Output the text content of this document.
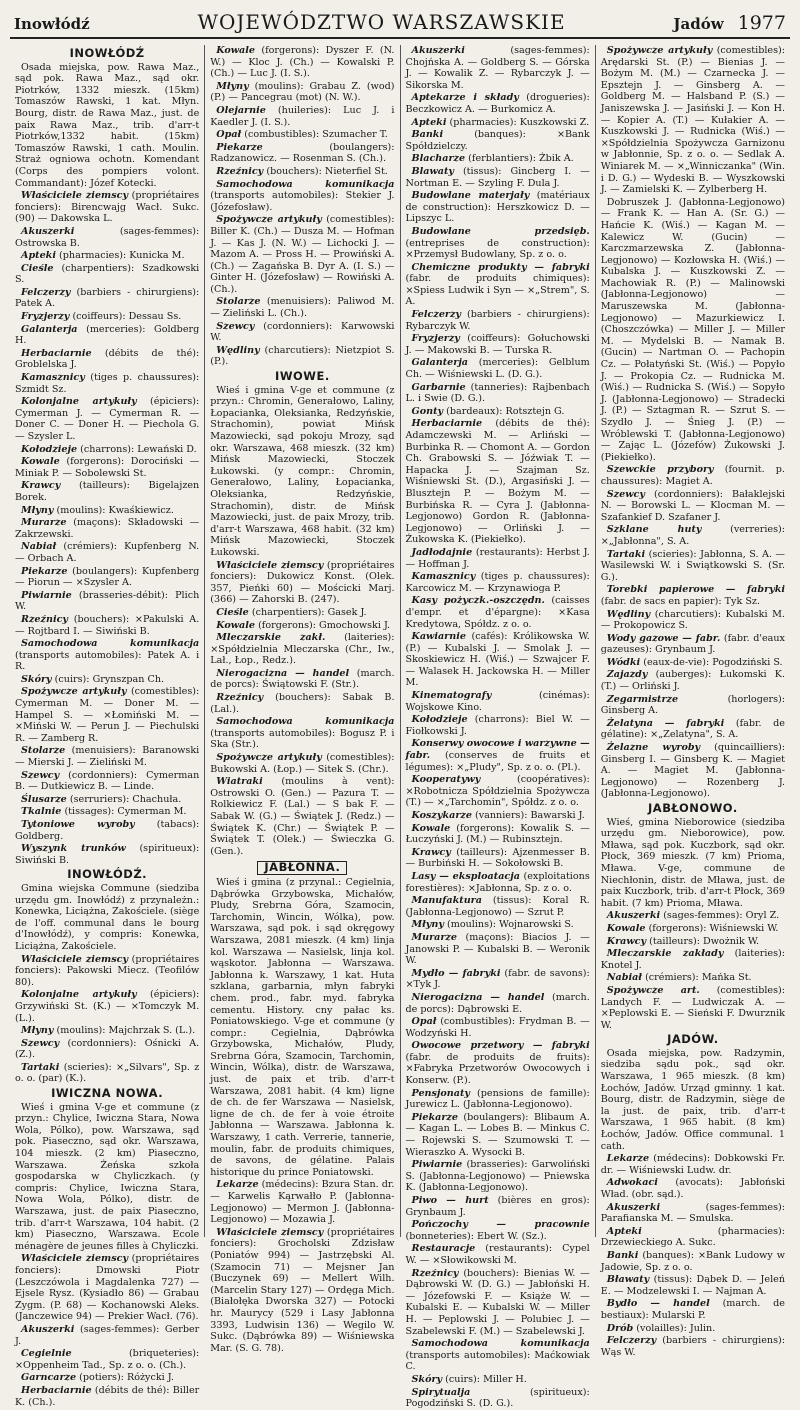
Inowłódź	WOJEWÓDZTWO WARSZAWSKIE	Jadów 1977
INOWŁÓDŹ

Osada miejska, pow. Rawa Maz., sąd pok. Rawa Maz., sąd okr. Piotrków, 1332 mieszk. (15km) Tomaszów Rawski, 1 kat. Młyn. Bourg, distr. de Rawa Maz., just. de paix Rawa Maz., trib. d'arr-t Piotrków,1332 habit. (15km) Tomaszów Rawski, 1 cath. Moulin. Straż ogniowa ochotn. Komendant (Corps des pompiers volont. Commandant): Józef Kotecki.

Właściciele ziemscy (propriétaires fonciers): Birencwajg Wacł. Sukc. (90) — Dakowska L.

Akuszerki	(sages-femmes): Ostrowska B.

Apteki (pharmacies): Kunicka M.

Cieśle (charpentiers): Szadkowski S.

Felczerzy (barbiers - chirurgiens): Patek A.

Fryzjerzy (coiffeurs): Dessau Ss.

Galanterja (merceries): Goldberg H.

Herbaciarnie (débits de thé): Groblelska J.

Kamasznicy (tiges p. chaussures): Szmidt Sz.

Kolonjalne artykuły (épiciers): Cymerman J. — Cymerman R. — Doner C. — Doner H. — Piechola G. — Szysler L.

Kołodzieje (charrons): Lewański D.

Kowale (forgerons): Dorociński — Miniak P. — Sobolewski St.

Krawcy (tailleurs): Bigelajzen Borek.

Młyny (moulins): Kwaśkiewicz.

Murarze (maçons): Składowski — Zakrzewski.

Nabiał (crémiers): Kupfenberg N. — Orbach A.

Piekarze (boulangers): Kupfenberg — Piorun — ×Szysler A.

Piwiarnie (brasseries-débit): Plich W.

Rzeźnicy (bouchers): ×Pakulski A. — Rojtbard I. — Siwiński B.

Samochodowa komunikacja (transports automobiles): Patek A. i R.

Skóry (cuirs): Grynszpan Ch.

Spożywcze artykuły (comestibles): Cymerman M. — Doner M. — Hampel S. — ×Łomiński M. — ×Miński W. — Perun J. — Piechulski R. — Zamberg R.

Stolarze (menuisiers): Baranowski — Mierski J. — Zieliński M.

Szewcy (cordonniers): Cymerman B. — Dutkiewicz B. — Linde.

Ślusarze (serruriers): Chachuła.

Tkalnie (tissages): Cymerman M.

Tytoniowe wyroby (tabacs): Goldberg.

Wyszynk trunków (spiritueux): Siwiński B.

INOWŁÓDŹ.

Gmina wiejska Commune (siedziba urzędu gm. Inowłódź) z przynależn.: Konewka, Liciążna, Zakościele. (siège de l'off. communal dans le bourg d'Inowłódź), y compris: Konewka, Liciążna, Zakościele.

Właściciele ziemscy (propriétaires fonciers): Pakowski Miecz. (Teofilów 80).

Kolonjalne artykuły (épiciers): Grzywiński St. (K.) — ×Tomczyk M. (L.).

Młyny (moulins): Majchrzak S. (L.).

Szewcy (cordonniers): Ośnicki A. (Z.).

Tartaki (scieries): ×„Silvars", Sp. z o. o. (par) (K.).

IWICZNA NOWA.

Wieś i gmina V-ge et commune (z przyn.: Chylice, Iwiczna Stara, Nowa Wola, Pólko), pow. Warszawa, sąd pok. Piaseczno, sąd okr. Warszawa, 104 mieszk. (2 km) Piaseczno, Warszawa. Żeńska szkoła gospodarska w Chyliczkach. (y compris: Chylice, Iwiczna Stara, Nowa Wola, Pólko), distr. de Warszawa, just. de paix Piaseczno, trib. d'arr-t Warszawa, 104 habit. (2 km) Piaseczno, Warszawa. Ecole ménagère de jeunes filles à Chyliczki.

Właściciele ziemscy (propriétaires fonciers): Dmowski Piotr (Leszczówola i Magdalenka 727) — Ejsele Rysz. (Kysiadło 86) — Grabau Zygm. (P. 68) — Kochanowski Aleks. (Janczewice 94) — Prekier Wacł. (76).

Akuszerki (sages-femmes): Gerber J.

Cegielnie	(briqueteries): ×Oppenheim Tad., Sp. z o. o. (Ch.).

Garncarze (potiers): Różycki J.

Herbaciarnie (débits de thé): Biller K. (Ch.).

Kowale (forgerons): Dyszer F. (N. W.) — Kloc J. (Ch.) — Kowalski P. (Ch.) — Luc J. (I. S.).

Młyny (moulins): Grabau Z. (wod) (P.) — Pancegrau (mot) (N. W.).

Olejarnie (huileries): Luc J. i Kaedler J. (I. S.).

Opał (combustibles): Szumacher T.

Piekarze	(boulangers): Radzanowicz. — Rosenman S. (Ch.).

Rzeźnicy (bouchers): Nieterfiel St.

Samochodowa komunikacja (transports automobiles): Stekier J. (Józefosław).

Spożywcze artykuły (comestibles): Biller K. (Ch.) — Dusza M. — Hofman J. — Kas J. (N. W.) — Lichocki J. — Mazom A. — Pross H. — Prowiński A. (Ch.) — Zagańska B. Dyr A. (I. S.) — Ginter H. (Józefosław) — Rowiński A. (Ch.).

Stolarze (menuisiers): Paliwod M. — Zieliński L. (Ch.).

Szewcy (cordonniers): Karwowski W.

Wędliny (charcutiers): Nietzpiot S. (P.).

IWOWE.

Wieś i gmina V-ge et commune (z przyn.: Chromin, Generałowo, Laliny, Łopacianka, Oleksianka, Redzyńskie, Strachomin), powiat Mińsk Mazowiecki, sąd pokoju Mrozy, sąd okr. Warszawa, 468 mieszk. (32 km) Mińsk Mazowiecki, Stoczek Łukowski. (y compr.: Chromin, Generałowo, Laliny, Łopacianka, Oleksianka, Redzyńskie, Strachomin), distr. de Mińsk Mazowiecki, just. de paix Mrozy, trib. d'arr-t Warszawa, 468 habit. (32 km) Mińsk Mazowiecki, Stoczek Łukowski.

Właściciele ziemscy (propriétaires fonciers): Dukowicz Konst. (Olek. 357, Pieńki 60) — Mościcki Marj. (366) — Zahorski B. (247).

Cieśle (charpentiers): Gasek J.

Kowale (forgerons): Gmochowski J.

Mleczarskie zakł. (laiteries): ×Spółdzielnia Mleczarska (Chr., Iw., Lał., Łop., Redz.).

Nierogacizna — handel (march. de porcs): Świątowski F. (Str.).

Rzeźnicy (bouchers): Sabak B. (Lal.).

Samochodowa komunikacja (transports automobiles): Bogusz P. i Ska (Str.).

Spożywcze artykuły (comestibles): Bukowski A. (Łop.) — Sitek S. (Chr.).

Wiatraki (moulins à vent): Ostrowski O. (Gen.) — Pazura T. — Rolkiewicz F. (Lal.) — S bak F. — Sabak W. (G.) — Świątek J. (Redz.) — Świątek K. (Chr.) — Świątek P. — Świątek T. (Olek.) — Świeczka G. (Gen.).

JABŁONNA.

Wieś i gmina (z przynal.: Cegielnia, Dąbrówka Grzybowska, Michałów, Pludy, Srebrna Góra, Szamocin, Tarchomin, Wincin, Wólka), pow. Warszawa, sąd pok. i sąd okręgowy Warszawa, 2081 mieszk. (4 km) linja kol. Warszawa — Nasielsk, linja kol. wąskotor. Jabłonna — Warszawa. Jabłonna k. Warszawy, 1 kat. Huta szklana, garbarnia, młyn fabryki chem. prod., fabr. myd. fabryka cementu. History. cny pałac ks. Poniatowskiego. V-ge et commune (y compr.: Cegielnia, Dąbrówka Grzybowska, Michałów, Pludy, Srebrna Góra, Szamocin, Tarchomin, Wincin, Wólka), distr. de Warszawa, just. de paix et trib. d'arr-t Warszawa, 2081 habit. (4 km) ligne de ch. de fer Warszawa — Nasielsk, ligne de ch. de fer à voie étroite Jabłonna — Warszawa. Jabłonna k. Warszawy, 1 cath. Verrerie, tannerie, moulin, fabr. de produits chimiques, de savons, de gélatine. Palais historique du prince Poniatowski.

Lekarze (médecins): Bzura Stan. dr. — Karwelis Kąrwałło P. (Jabłonna-Legjonowo) — Mermon J. (Jabłonna-Legjonowo) — Mozawia J.

Właściciele ziemscy (propriétaires fonciers): Grocholski Zdzisław (Poniatów 994) — Jastrzębski Al. (Szamocin 71) — Mejsner Jan (Buczynek 69) — Mellert Wilh. (Marcelin Stary 127) — Ordęga Mich. (Białołęka Dworska 327) — Potocki hr. Maurycy (529 i Lasy Jabłonna 3393, Ludwisin 136) — Wegilo W. Sukc. (Dąbrówka 89) — Wiśniewska Mar. (S. G. 78).

Akuszerki	(sages-femmes): Chojńska A. — Goldberg S. — Górska J. — Kowalik Z. — Rybarczyk J. — Sikorska M.

Aptekarze i składy (drogueries): Beczkowicz A. — Burkomicz A.

Apteki (pharmacies): Kuszkowski Z.

Banki	(banques): ×Bank Spółdzielczy.

Blacharze (ferblantiers): Żbik A.

Blawaty (tissus): Gincberg I. — Nortman E. — Szyling F. Dula J.

Budowlane materjały (matériaux de construction): Herszkowicz D. — Lipszyc L.

Budowlane przedsięb. (entreprises de construction): ×Przemysł Budowlany, Sp. z o. o.

Chemiczne produkty — fabryki (fabr. de produits chimiques): ×Spiess Ludwik i Syn — ×„Strem", S. A.

Felczerzy (barbiers - chirurgiens): Rybarczyk W.

Fryzjerzy (coiffeurs): Gołuchowski J. — Makowski B. — Turska R.

Galanterja (merceries): Gelblum Ch. — Wiśniewski L. (D. G.).

Garbarnie (tanneries): Rajbenbach L. i Swie (D. G.).

Gonty (bardeaux): Rotsztejn G.

Herbaciarnie (débits de thé): Adamczewski M. — Arliński — Burbinka R. — Chomont A. — Gordon Ch. Grabowski S. — Jóźwiak T. — Hapacka J. — Szajman Sz. Wiśniewski St. (D.), Argasiński J. — Blusztejn P. — Bożym M. — Burbińska R. — Cyra J. (Jabłonna-Legjonowo) Gordon R. (Jabłonna-Legjonowo) — Orliński J. — Żukowska K. (Piekiełko).

Jadłodajnie (restaurants): Herbst J. — Hoffman J.

Kamasznicy (tiges p. chaussures): Karcowicz M. — Krzynawioga P.

Kasy pożyczk.-oszczędn. (caisses d'empr. et d'épargne): ×Kasa Kredytowa, Spółdz. z o. o.

Kawiarnie (cafés): Królikowska W. (P.) — Kubalski J. — Smolak J. — Skoskiewicz H. (Wiś.) — Szwajcer F. — Walasek H. Jackowska H. — Miller M.

Kinematografy	(cinémas): Wojskowe Kino.

Kołodzieje (charrons): Biel W. — Fiołkowski J.

Konserwy owocowe i warzywne — fabr. (conserves de fruits et légumes): ×„Pludy", Sp. z o. o. (Pl.).

Kooperatywy	(coopératives): ×Robotnicza Spółdzielnia Spożywcza (T.) — ×„Tarchomin", Spółdz. z o. o.

Koszykarze (vanniers): Bawarski J.

Kowale (forgerons): Kowalik S. — Łuczyński J. (M.) — Rubinsztejn.

Krawcy (tailleurs): Ajzenmesser B. — Burbiński H. — Sokołowski B.

Lasy — eksploatacja (exploitations forestières): ×Jabłonna, Sp. z o. o.

Manufaktura (tissus): Koral R. (Jabłonna-Legjonowo) — Szrut P.

Młyny (moulins): Wojnarowski S.

Murarze (maçons): Biacios J. — Janowski P. — Kubalski B. — Weronik W.

Mydło — fabryki (fabr. de savons): ×Tyk J.

Nierogacizna — handel (march. de porcs): Dąbrowski E.

Opał (combustibles): Frydman B. — Wodzyński H.

Owocowe przetwory — fabryki (fabr. de produits de fruits): ×Fabryka Przetworów Owocowych i Konserw. (P.).

Pensjonaty (pensions de famille): Jurewicz L. (Jabłonna-Legjonowo).

Piekarze (boulangers): Blibaum A. — Kagan L. — Lobes B. — Minkus C. — Rojewski S. — Szumowski T. — Wieraszko A. Wysocki B.

Piwiarnie (brasseries): Garwoliński S. (Jabłonna-Legjonowo) — Pniewska K. (Jabłonna-Legjonowo).

Piwo — hurt (bières en gros): Grynbaum J.

Pończochy — pracownie (bonneteries): Ebert W. (Sz.).

Restauracje (restaurants): Cypel W. — ×Słowikowski M.

Rzeźnicy (bouchers): Bienias W. — Dąbrowski W. (D. G.) — Jabłoński H. — Józefowski F. — Książe W. — Kubalski E. — Kubalski W. — Miller H. — Peplowski J. — Polubiec J. — Szabelewski F. (M.) — Szabelewski J.

Samochodowa komunikacja (transports automobiles): Maćkowiak C.

Skóry (cuirs): Miller H.

Spirytualja	(spiritueux): Pogodziński S. (D. G.).

Spożywcze artykuły (comestibles): Arędarski St. (P.) — Bienias J. — Bożym M. (M.) — Czarnecka J. — Epsztejn J. — Ginsberg A. — Goldberg M. — Halsband P. (S.) — Janiszewska J. — Jasiński J. — Kon H. — Kopier A. (T.) — Kułakier A. — Kuszkowski J. — Rudnicka (Wiś.) — ×Spółdzielnia Spożywcza Garnizonu w Jabłonnie, Sp. z o. o. — Sedlak A. Winiarek M. — ×„Winniczanka" (Win. i D. G.) — Wydeski B. — Wyszkowski J. — Zamielski K. — Zylberberg H.

Dobruszek J. (Jabłonna-Legjonowo) — Frank K. — Han A. (Sr. G.) — Hańcie K. (Wiś.) — Kagan M. — Kalewicz W. (Gucin) — Karczmarzewska Z. (Jabłonna-Legjonowo) — Kozłowska H. (Wiś.) — Kubalska J. — Kuszkowski Z. — Machowiak R. (P.) — Malinowski (Jabłonna-Legjonowo) — Maruszewska M. (Jabłonna-Legjonowo) — Mazurkiewicz I. (Choszczówka) — Miller J. — Miller M. — Mydelski B. — Namak B. (Gucin) — Nartman O. — Pachopin Cz. — Połatyński St. (Wiś.) — Popyło J. — Prokopia Cz. — Rudnicka M. (Wiś.) — Rudnicka S. (Wiś.) — Sopyło J. (Jabłonna-Legjonowo) — Stradecki J. (P.) — Sztagman R. — Szrut S. — Szydło J. — Śnieg J. (P.) — Wróblewski T. (Jabłonna-Legjonowo) — Zając L. (Józefów) Żukowski J. (Piekiełko).

Szewckie przybory (fournit. p. chaussures): Magiet A.

Szewcy (cordonniers): Bałaklejski N. — Borowski L. — Klocman M. — Szafankief D. Szafaner J.

Szklane huty	(verreries): ×„Jabłonna", S. A.

Tartaki (scieries): Jabłonna, S. A. — Wasilewski W. i Swiątkowski S. (Sr. G.).

Torebki papierowe — fabryki (fabr. de sacs en papier): Tyk Sz.

Wędliny (charcutiers): Kubalski M. — Prokopowicz S.

Wody gazowe — fabr. (fabr. d'eaux gazeuses): Grynbaum J.

Wódki (eaux-de-vie): Pogodziński S.

Zajazdy (auberges): Łukomski K. (T.) — Orliński J.

Zegarmistrze	(horlogers): Ginsberg A.

Żelatyna — fabryki (fabr. de gélatine): ×„Zelatyna", S. A.

Żelazne wyroby (quincailliers): Ginsberg I. — Ginsberg K. — Magiet A. — Magiet M. (Jabłonna-Legjonowo) — Rozenberg J. (Jabłonna-Legjonowo).

JABŁONOWO.

Wieś, gmina Nieborowice (siedziba urzędu gm. Nieborowice), pow. Mława, sąd pok. Kuczbork, sąd okr. Płock, 369 mieszk. (7 km) Prioma, Mława. V-ge, commune de Niechłonin, distr. de Mława, just. de paix Kuczbork, trib. d'arr-t Płock, 369 habit. (7 km) Prioma, Mława.

Akuszerki (sages-femmes): Oryl Z.

Kowale (forgerons): Wiśniewski W.

Krawcy (tailleurs): Dwożnik W.

Mleczarskie zakłady (laiteries): Knotel J.

Nabiał (crémiers): Mańka St.

Spożywcze art. (comestibles): Landych F. — Ludwiczak A. — ×Peplowski E. — Sieński F. Dwurznik W.

JADÓW.

Osada miejska, pow. Radzymin, siedziba sądu pok., sąd okr. Warszawa, 1 965 mieszk. (8 km) Łochów, Jadów. Urząd gminny. 1 kat. Bourg, distr. de Radzymin, siège de la just. de paix, trib. d'arr-t Warszawa, 1 965 habit. (8 km) Łochów, Jadów. Office communal. 1 cath.

Lekarze (médecins): Dobkowski Fr. dr. — Wiśniewski Ludw. dr.

Adwokaci (avocats): Jabłoński Wład. (obr. sąd.).

Akuszerki	(sages-femmes): Parafianska M. — Smulska.

Apteki	(pharmacies): Drzewieckiego A. Sukc.

Banki (banques): ×Bank Ludowy w Jadowie, Sp. z o. o.

Bławaty (tissus): Dąbek D. — Jeleń E. — Modzelewski I. — Najman A.

Bydło — handel (march. de bestiaux): Mularski P.

Drób (volailles): Julin.

Felczerzy (barbiers - chirurgiens): Wąs W.
